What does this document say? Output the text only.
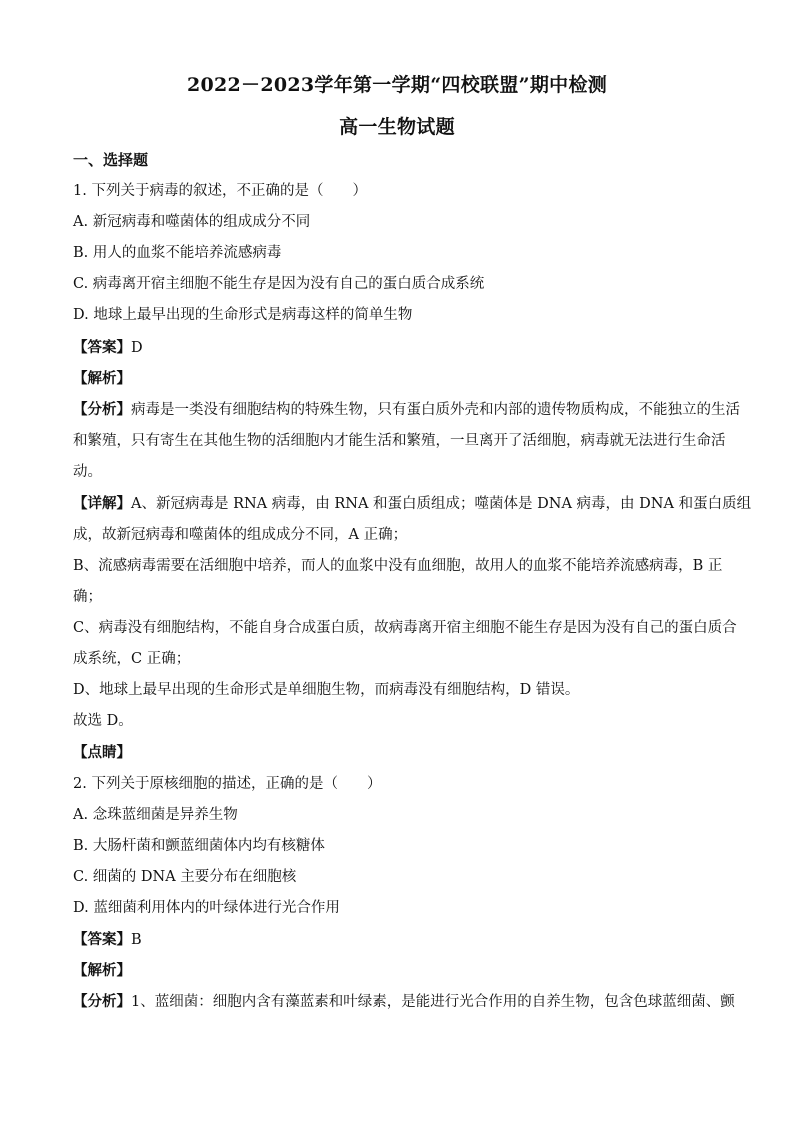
2022－2023学年第一学期“四校联盟”期中检测
高一生物试题
一、选择题
1. 下列关于病毒的叙述，不正确的是（　　）
A. 新冠病毒和噬菌体的组成成分不同
B. 用人的血浆不能培养流感病毒
C. 病毒离开宿主细胞不能生存是因为没有自己的蛋白质合成系统
D. 地球上最早出现的生命形式是病毒这样的简单生物
【答案】D
【解析】
【分析】病毒是一类没有细胞结构的特殊生物，只有蛋白质外壳和内部的遗传物质构成，不能独立的生活
和繁殖，只有寄生在其他生物的活细胞内才能生活和繁殖，一旦离开了活细胞，病毒就无法进行生命活
动。
【详解】A、新冠病毒是 RNA 病毒，由 RNA 和蛋白质组成；噬菌体是 DNA 病毒，由 DNA 和蛋白质组
成，故新冠病毒和噬菌体的组成成分不同，A 正确；
B、流感病毒需要在活细胞中培养，而人的血浆中没有血细胞，故用人的血浆不能培养流感病毒，B 正
确；
C、病毒没有细胞结构，不能自身合成蛋白质，故病毒离开宿主细胞不能生存是因为没有自己的蛋白质合
成系统，C 正确；
D、地球上最早出现的生命形式是单细胞生物，而病毒没有细胞结构，D 错误。
故选 D。
【点睛】
2. 下列关于原核细胞的描述，正确的是（　　）
A. 念珠蓝细菌是异养生物
B. 大肠杆菌和颤蓝细菌体内均有核糖体
C. 细菌的 DNA 主要分布在细胞核
D. 蓝细菌利用体内的叶绿体进行光合作用
【答案】B
【解析】
【分析】1、蓝细菌：细胞内含有藻蓝素和叶绿素，是能进行光合作用的自养生物，包含色球蓝细菌、颤
